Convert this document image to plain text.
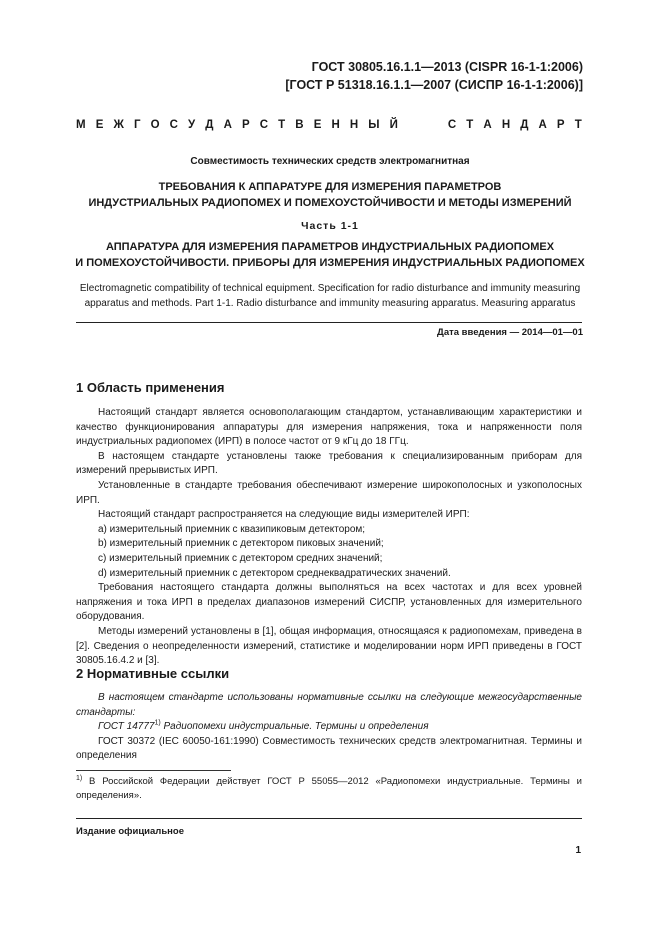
ГОСТ 30805.16.1.1—2013 (CISPR 16-1-1:2006)
[ГОСТ Р 51318.16.1.1—2007 (СИСПР 16-1-1:2006)]
М Е Ж Г О С У Д А Р С Т В Е Н Н Ы Й

	С Т А Н Д А Р Т
Совместимость технических средств электромагнитная
ТРЕБОВАНИЯ К АППАРАТУРЕ ДЛЯ ИЗМЕРЕНИЯ ПАРАМЕТРОВ
ИНДУСТРИАЛЬНЫХ РАДИОПОМЕХ И ПОМЕХОУСТОЙЧИВОСТИ И МЕТОДЫ ИЗМЕРЕНИЙ
Часть 1-1
АППАРАТУРА ДЛЯ ИЗМЕРЕНИЯ ПАРАМЕТРОВ ИНДУСТРИАЛЬНЫХ РАДИОПОМЕХ
И ПОМЕХОУСТОЙЧИВОСТИ. ПРИБОРЫ ДЛЯ ИЗМЕРЕНИЯ ИНДУСТРИАЛЬНЫХ РАДИОПОМЕХ
Electromagnetic compatibility of technical equipment. Specification for radio disturbance and immunity measuring
apparatus and methods. Part 1-1. Radio disturbance and immunity measuring apparatus. Measuring apparatus
Дата введения — 2014—01—01
1 Область применения

Настоящий стандарт является основополагающим стандартом, устанавливающим характеристики и качество функционирования аппаратуры для измерения напряжения, тока и напряженности поля индустриальных радиопомех (ИРП) в полосе частот от 9 кГц до 18 ГГц.

В настоящем стандарте установлены также требования к специализированным приборам для измерений прерывистых ИРП.

Установленные в стандарте требования обеспечивают измерение широкополосных и узкополосных ИРП.

Настоящий стандарт распространяется на следующие виды измерителей ИРП:

а) измерительный приемник с квазипиковым детектором;

b) измерительный приемник с детектором пиковых значений;

c) измерительный приемник с детектором средних значений;

d) измерительный приемник с детектором среднеквадратических значений.

Требования настоящего стандарта должны выполняться на всех частотах и для всех уровней напряжения и тока ИРП в пределах диапазонов измерений СИСПР, установленных для измерительного оборудования.

Методы измерений установлены в [1], общая информация, относящаяся к радиопомехам, приведена в [2]. Сведения о неопределенности измерений, статистике и моделировании норм ИРП приведены в ГОСТ 30805.16.4.2 и [3].

2 Нормативные ссылки

В настоящем стандарте использованы нормативные ссылки на следующие межгосударственные стандарты:

ГОСТ 14777$^{1)}$ Радиопомехи индустриальные. Термины и определения

ГОСТ 30372 (IEC 60050-161:1990) Совместимость технических средств электромагнитная. Термины и определения

$^{1)}$ В Российской Федерации действует ГОСТ Р 55055—2012 «Радиопомехи индустриальные. Термины и определения».
Издание официальное
1
